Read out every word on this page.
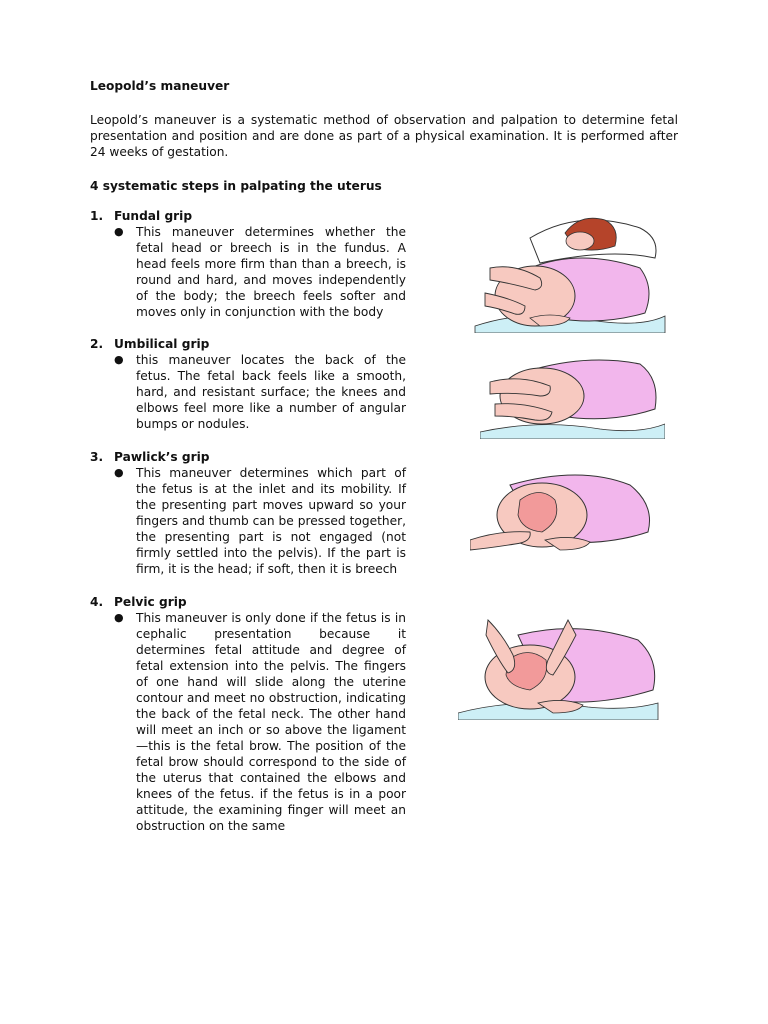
Leopold’s maneuver
Leopold’s maneuver is a systematic method of observation and palpation to determine fetal presentation and position and are done as part of a physical examination. It is performed after 24 weeks of gestation.
4 systematic steps in palpating the uterus
1. Fundal grip
●	This maneuver determines whether the fetal head or breech is in the fundus. A head feels more firm than than a breech, is round and hard, and moves independently of the body; the breech feels softer and moves only in conjunction with the body
2. Umbilical grip
●	this maneuver locates the back of the fetus. The fetal back feels like a smooth, hard, and resistant surface; the knees and elbows feel more like a number of angular bumps or nodules.
3. Pawlick’s grip
●	This maneuver determines which part of the fetus is at the inlet and its mobility. If the presenting part moves upward so your fingers and thumb can be pressed together, the presenting part is not engaged (not firmly settled into the pelvis). If the part is firm, it is the head; if soft, then it is breech
4. Pelvic grip
●	This maneuver is only done if the fetus is in cephalic presentation because it determines fetal attitude and degree of fetal extension into the pelvis. The fingers of one hand will slide along the uterine contour and meet no obstruction, indicating the back of the fetal neck. The other hand will meet an inch or so above the ligament—this is the fetal brow. The position of the fetal brow should correspond to the side of the uterus that contained the elbows and knees of the fetus. if the fetus is in a poor attitude, the examining finger will meet an obstruction on the same
